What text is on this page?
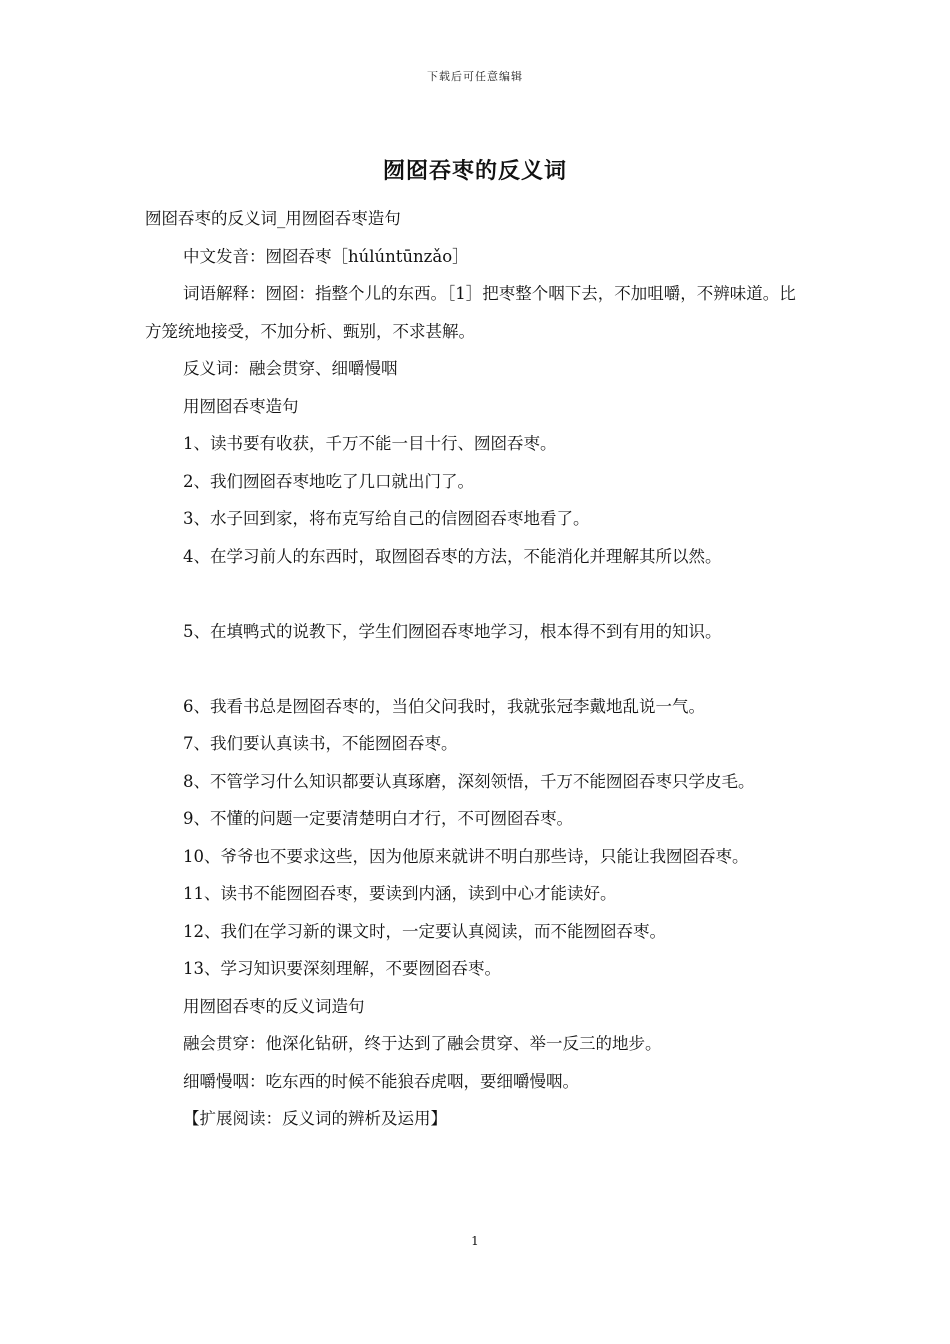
下载后可任意编辑
囫囵吞枣的反义词

囫囵吞枣的反义词_用囫囵吞枣造句

中文发音：囫囵吞枣［húlúntūnzǎo］

词语解释：囫囵：指整个儿的东西。［1］把枣整个咽下去，不加咀嚼，不辨味道。比方笼统地接受，不加分析、甄别，不求甚解。

反义词：融会贯穿、细嚼慢咽

用囫囵吞枣造句

1、读书要有收获，千万不能一目十行、囫囵吞枣。

2、我们囫囵吞枣地吃了几口就出门了。

3、水子回到家，将布克写给自己的信囫囵吞枣地看了。

4、在学习前人的东西时，取囫囵吞枣的方法，不能消化并理解其所以然。

5、在填鸭式的说教下，学生们囫囵吞枣地学习，根本得不到有用的知识。

6、我看书总是囫囵吞枣的，当伯父问我时，我就张冠李戴地乱说一气。

7、我们要认真读书，不能囫囵吞枣。

8、不管学习什么知识都要认真琢磨，深刻领悟，千万不能囫囵吞枣只学皮毛。

9、不懂的问题一定要清楚明白才行，不可囫囵吞枣。

10、爷爷也不要求这些，因为他原来就讲不明白那些诗，只能让我囫囵吞枣。

11、读书不能囫囵吞枣，要读到内涵，读到中心才能读好。

12、我们在学习新的课文时，一定要认真阅读，而不能囫囵吞枣。

13、学习知识要深刻理解，不要囫囵吞枣。

用囫囵吞枣的反义词造句

融会贯穿：他深化钻研，终于达到了融会贯穿、举一反三的地步。

细嚼慢咽：吃东西的时候不能狼吞虎咽，要细嚼慢咽。

【扩展阅读：反义词的辨析及运用】

1
